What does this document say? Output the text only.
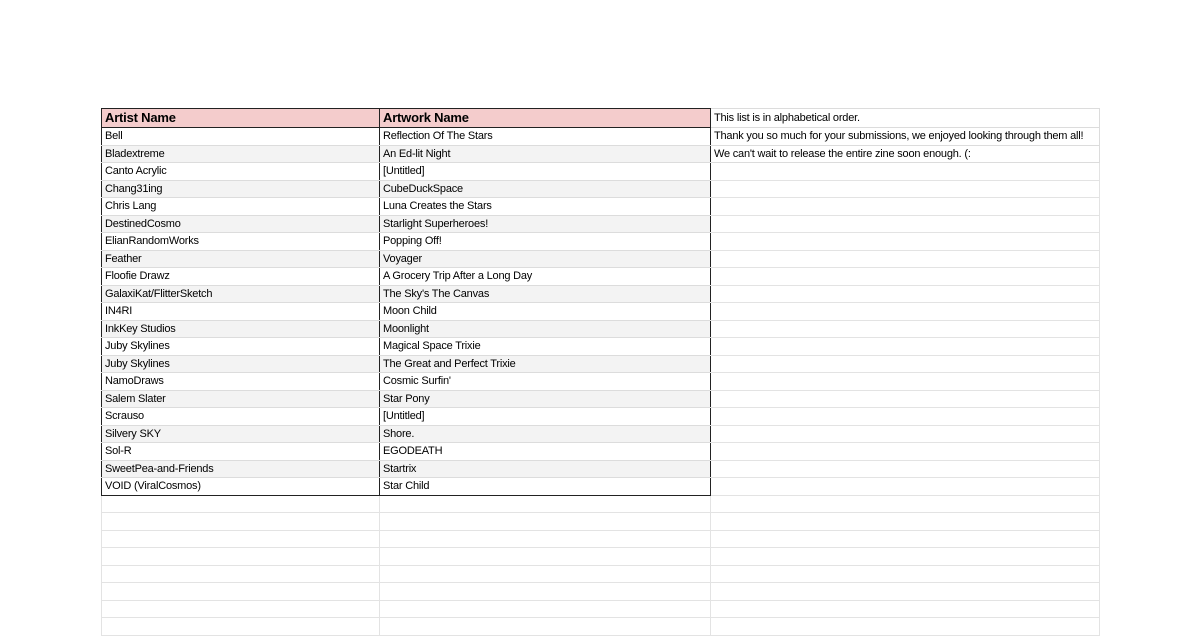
Artist Name	Artwork Name	This list is in alphabetical order.
Bell	Reflection Of The Stars	Thank you so much for your submissions, we enjoyed looking through them all!
Bladextreme	An Ed-lit Night	We can't wait to release the entire zine soon enough. (:
Canto Acrylic	[Untitled]	
Chang31ing	CubeDuckSpace	
Chris Lang	Luna Creates the Stars	
DestinedCosmo	Starlight Superheroes!	
ElianRandomWorks	Popping Off!	
Feather	Voyager	
Floofie Drawz	A Grocery Trip After a Long Day	
GalaxiKat/FlitterSketch	The Sky's The Canvas	
IN4RI	Moon Child	
InkKey Studios	Moonlight	
Juby Skylines	Magical Space Trixie	
Juby Skylines	The Great and Perfect Trixie	
NamoDraws	Cosmic Surfin'	
Salem Slater	Star Pony	
Scrauso	[Untitled]	
Silvery SKY	Shore.	
Sol-R	EGODEATH	
SweetPea-and-Friends	Startrix	
VOID (ViralCosmos)	Star Child	
